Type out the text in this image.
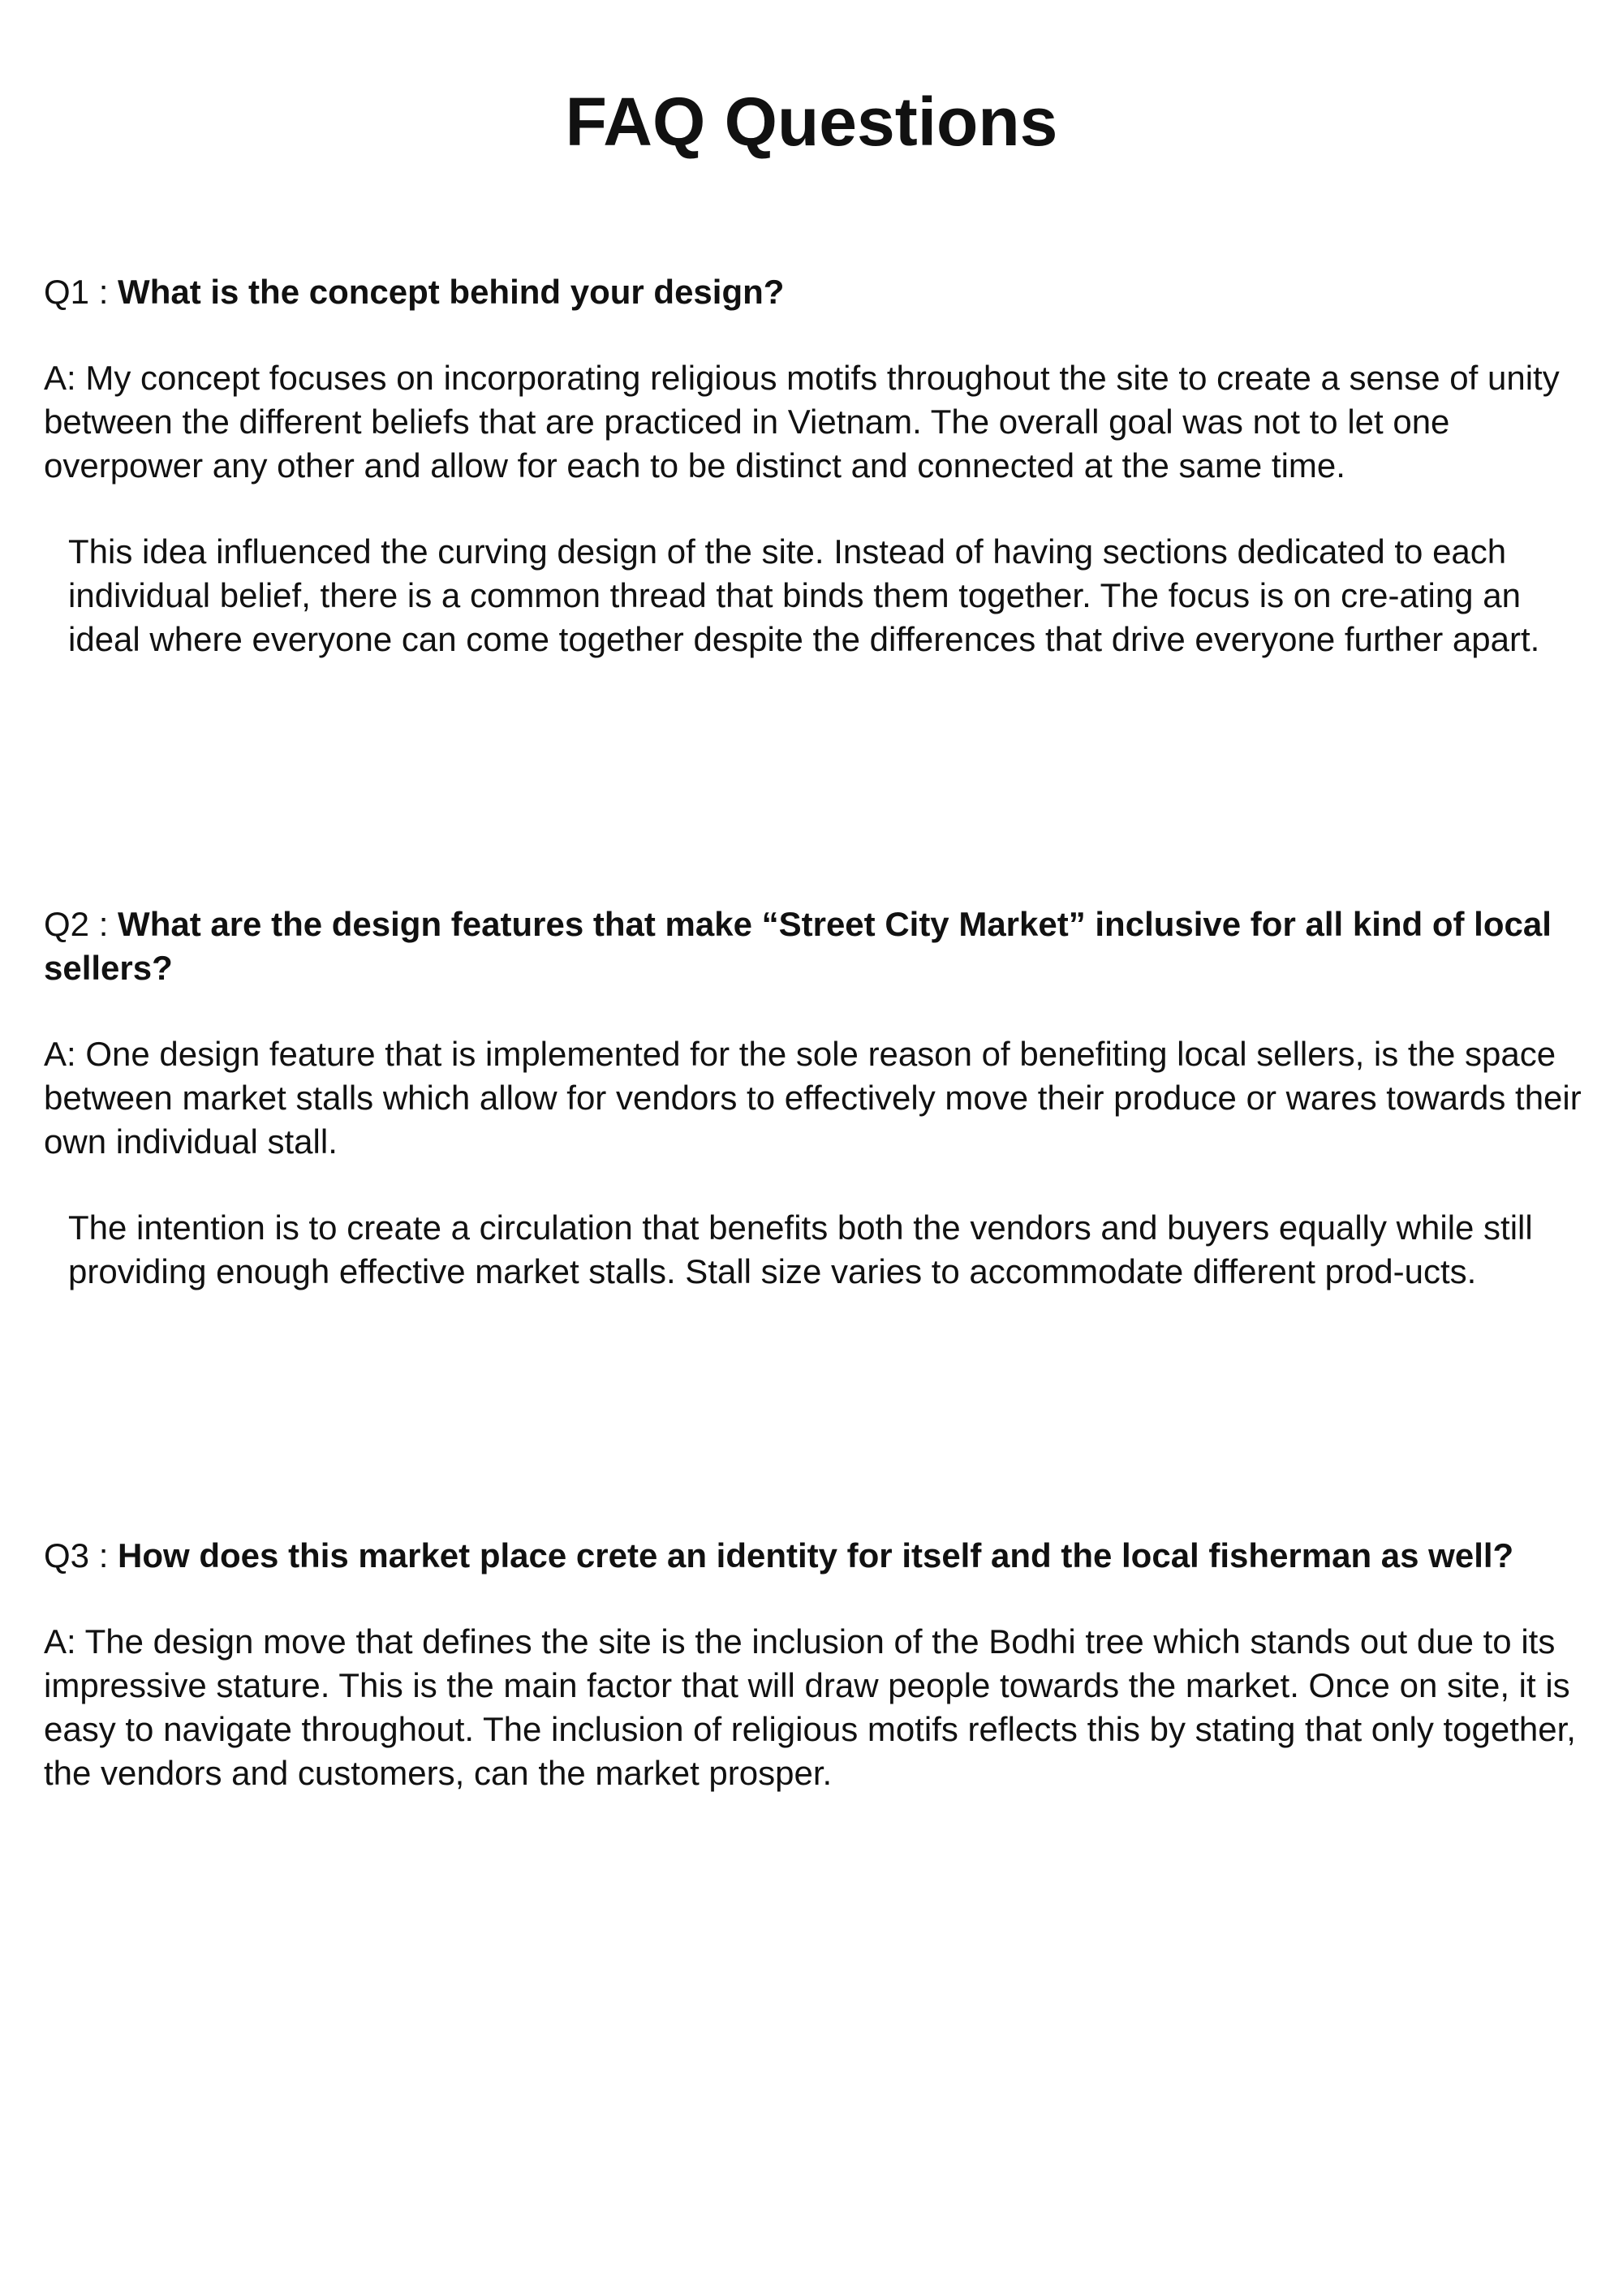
FAQ Questions

Q1 : What is the concept behind your design?

A: My concept focuses on incorporating religious motifs throughout the site to create a sense of unity between the different beliefs that are practiced in Vietnam. The overall goal was not to let one overpower any other and allow for each to be distinct and connected at the same time.

This idea influenced the curving design of the site. Instead of having sections dedicated to each individual belief, there is a common thread that binds them together. The focus is on cre-ating an ideal where everyone can come together despite the differences that drive everyone further apart.

Q2 : What are the design features that make “Street City Market” inclusive for all kind of local sellers?

A: One design feature that is implemented for the sole reason of benefiting local sellers, is the space between market stalls which allow for vendors to effectively move their produce or wares towards their own individual stall.

The intention is to create a circulation that benefits both the vendors and buyers equally while still providing enough effective market stalls. Stall size varies to accommodate different prod-ucts.

Q3 : How does this market place crete an identity for itself and the local fisherman as well?

A: The design move that defines the site is the inclusion of the Bodhi tree which stands out due to its impressive stature. This is the main factor that will draw people towards the market. Once on site, it is easy to navigate throughout. The inclusion of religious motifs reflects this by stating that only together, the vendors and customers, can the market prosper.
